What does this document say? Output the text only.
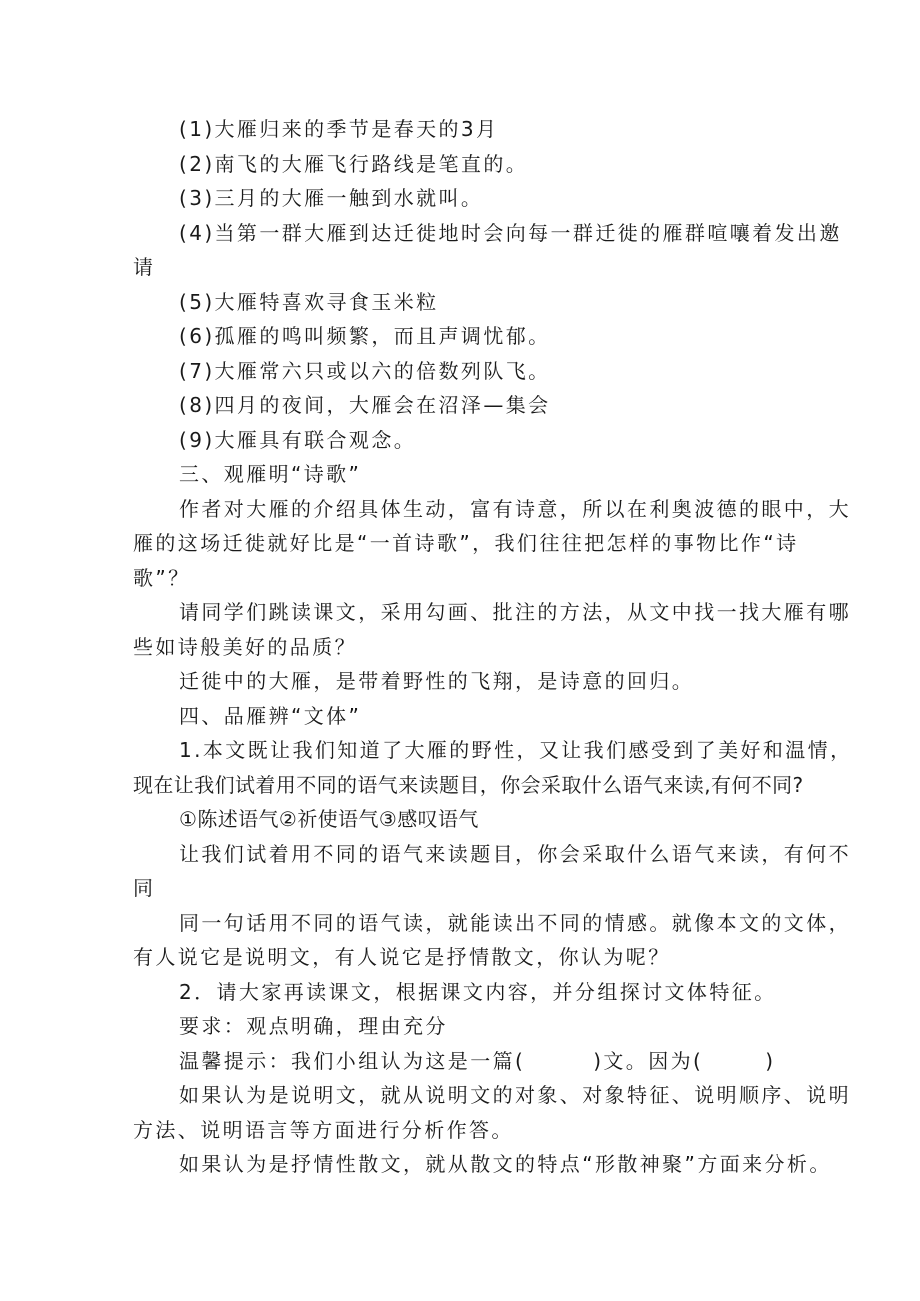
(1)大雁归来的季节是春天的3月
(2)南飞的大雁飞行路线是笔直的。
(3)三月的大雁一触到水就叫。
(4)当第一群大雁到达迁徙地时会向每一群迁徙的雁群喧嚷着发出邀
请
(5)大雁特喜欢寻食玉米粒
(6)孤雁的鸣叫频繁，而且声调忧郁。
(7)大雁常六只或以六的倍数列队飞。
(8)四月的夜间，大雁会在沼泽—集会
(9)大雁具有联合观念。
三、观雁明“诗歌”
作者对大雁的介绍具体生动，富有诗意，所以在利奥波德的眼中，大
雁的这场迁徙就好比是“一首诗歌”，我们往往把怎样的事物比作“诗
歌”？
请同学们跳读课文，采用勾画、批注的方法，从文中找一找大雁有哪
些如诗般美好的品质？
迁徙中的大雁，是带着野性的飞翔，是诗意的回归。
四、品雁辨“文体”
1.本文既让我们知道了大雁的野性，又让我们感受到了美好和温情，
现在让我们试着用不同的语气来读题目，你会采取什么语气来读,有何不同?
①陈述语气②祈使语气③感叹语气
让我们试着用不同的语气来读题目，你会采取什么语气来读，有何不
同
同一句话用不同的语气读，就能读出不同的情感。就像本文的文体，
有人说它是说明文，有人说它是抒情散文，你认为呢？
2．请大家再读课文，根据课文内容，并分组探讨文体特征。
要求：观点明确，理由充分
温馨提示：我们小组认为这是一篇(	)文。因为(	)
如果认为是说明文，就从说明文的对象、对象特征、说明顺序、说明
方法、说明语言等方面进行分析作答。
如果认为是抒情性散文，就从散文的特点“形散神聚”方面来分析。
